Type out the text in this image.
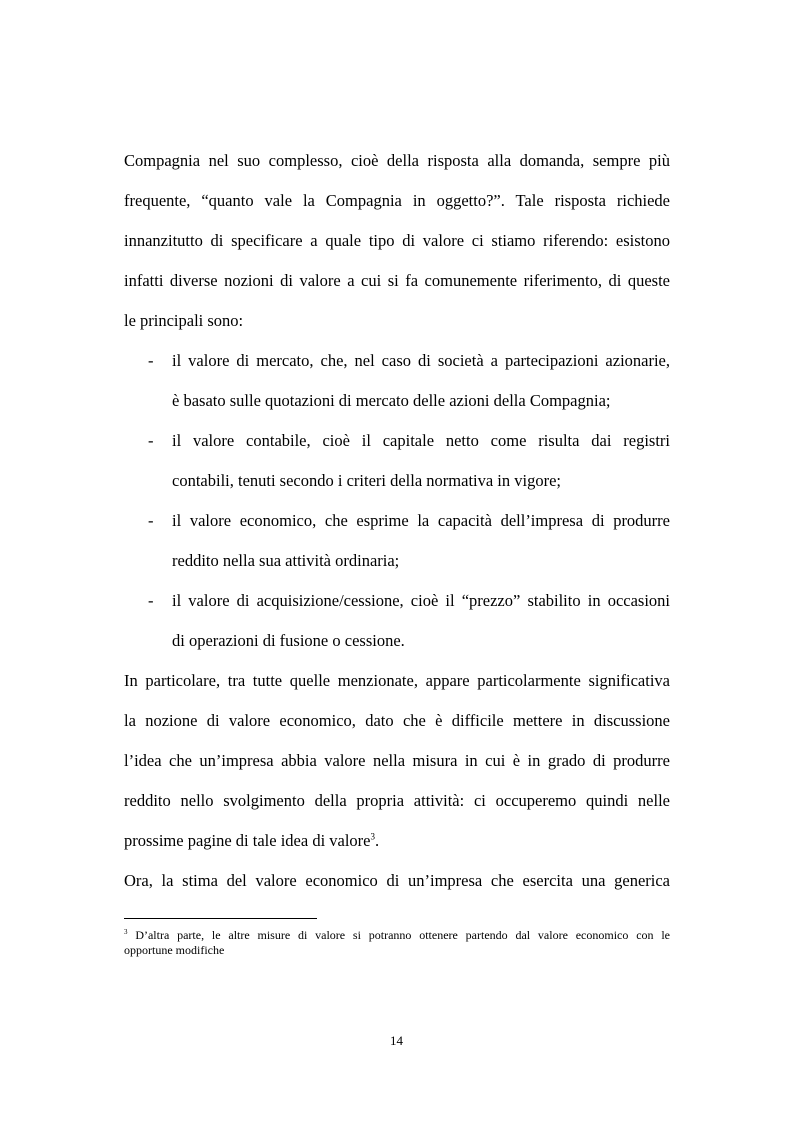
Compagnia nel suo complesso, cioè della risposta alla domanda, sempre più
frequente, “quanto vale la Compagnia in oggetto?”. Tale risposta richiede
innanzitutto di specificare a quale tipo di valore ci stiamo riferendo: esistono
infatti diverse nozioni di valore a cui si fa comunemente riferimento, di queste
le principali sono:
- il valore di mercato, che, nel caso di società a partecipazioni azionarie,
è basato sulle quotazioni di mercato delle azioni della Compagnia;
- il valore contabile, cioè il capitale netto come risulta dai registri
contabili, tenuti secondo i criteri della normativa in vigore;
- il valore economico, che esprime la capacità dell’impresa di produrre
reddito nella sua attività ordinaria;
- il valore di acquisizione/cessione, cioè il “prezzo” stabilito in occasioni
di operazioni di fusione o cessione.
In particolare, tra tutte quelle menzionate, appare particolarmente significativa
la nozione di valore economico, dato che è difficile mettere in discussione
l’idea che un’impresa abbia valore nella misura in cui è in grado di produrre
reddito nello svolgimento della propria attività: ci occuperemo quindi nelle
prossime pagine di tale idea di valore$^3$.
Ora, la stima del valore economico di un’impresa che esercita una generica
$^3$ D’altra parte, le altre misure di valore si potranno ottenere partendo dal valore economico con le
opportune modifiche
14
